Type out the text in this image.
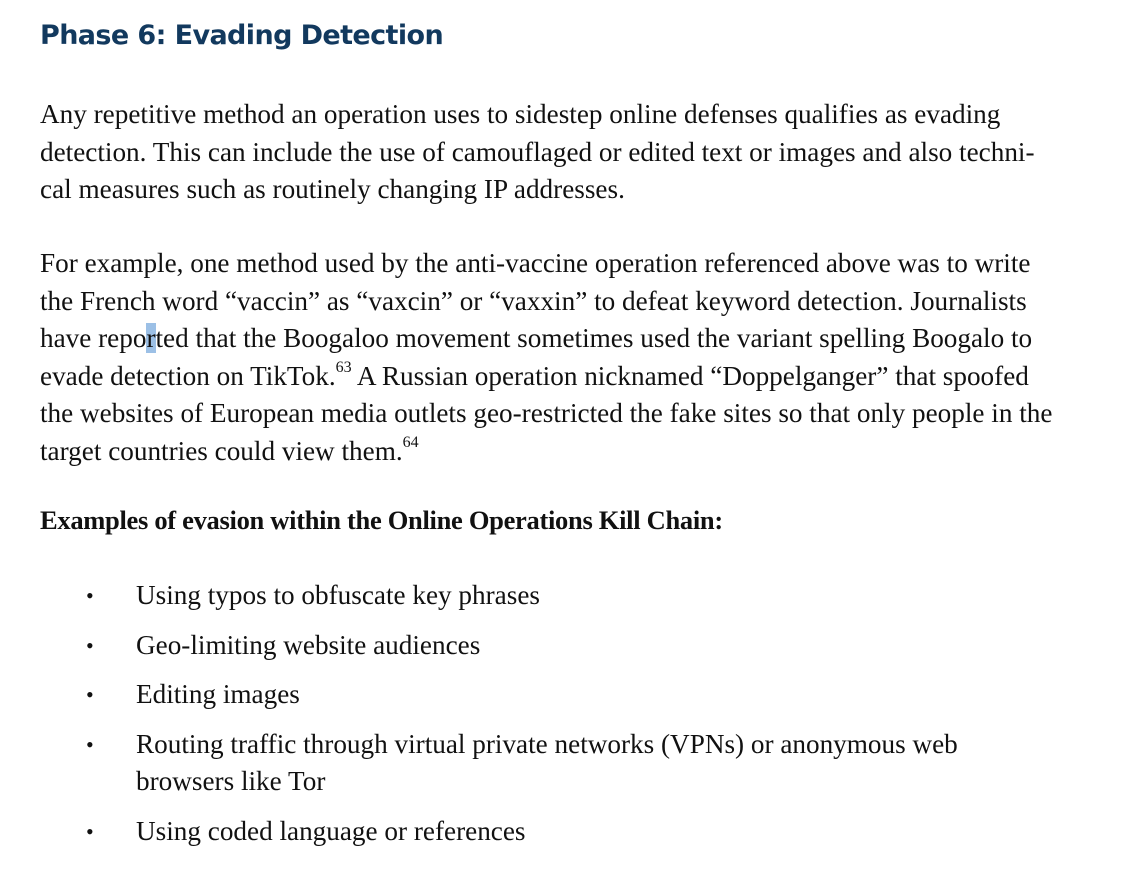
Phase 6: Evading Detection

Any repetitive method an operation uses to sidestep online defenses qualifies as evading
detection. This can include the use of camouflaged or edited text or images and also techni-
cal measures such as routinely changing IP addresses.

For example, one method used by the anti-vaccine operation referenced above was to write
the French word “vaccin” as “vaxcin” or “vaxxin” to defeat keyword detection. Journalists
have reported that the Boogaloo movement sometimes used the variant spelling Boogalo to
evade detection on TikTok.$^{63}$ A Russian operation nicknamed “Doppelganger” that spoofed
the websites of European media outlets geo-restricted the fake sites so that only people in the
target countries could view them.$^{64}$

Examples of evasion within the Online Operations Kill Chain:
• Using typos to obfuscate key phrases
• Geo-limiting website audiences
• Editing images
• Routing traffic through virtual private networks (VPNs) or anonymous web
browsers like Tor
• Using coded language or references
